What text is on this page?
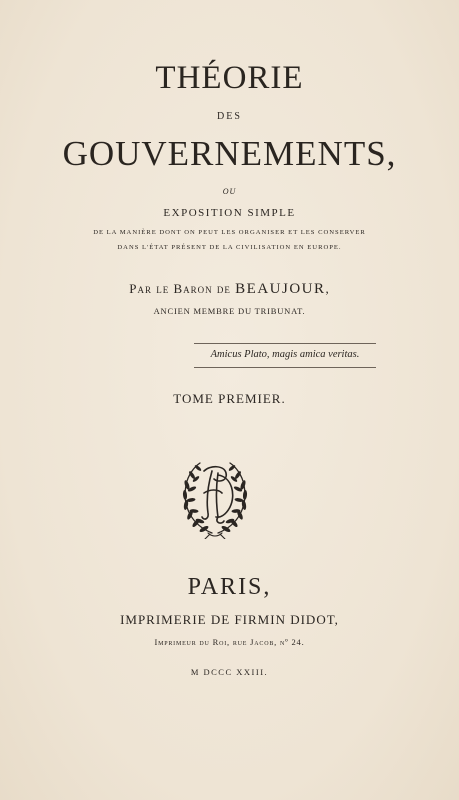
THÉORIE
DES
GOUVERNEMENTS,
OU
EXPOSITION SIMPLE
DE LA MANIÈRE DONT ON PEUT LES ORGANISER ET LES CONSERVER
DANS L'ÉTAT PRÉSENT DE LA CIVILISATION EN EUROPE.
Par le Baron de BEAUJOUR,
ANCIEN MEMBRE DU TRIBUNAT.
Amicus Plato, magis amica veritas.
TOME PREMIER.
PARIS,
IMPRIMERIE DE FIRMIN DIDOT,
Imprimeur du Roi, rue Jacob, nº 24.
M DCCC XXIII.
